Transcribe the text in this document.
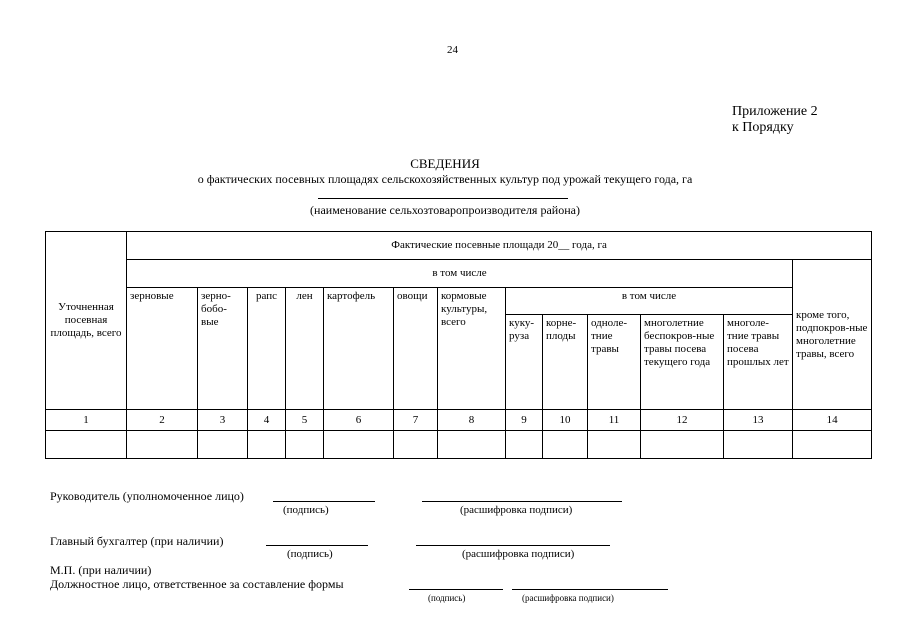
24
Приложение 2
к Порядку
СВЕДЕНИЯ
о фактических посевных площадях сельскохозяйственных культур под урожай текущего года, га
(наименование сельхозтоваропроизводителя района)
Уточненная посевная площадь, всего	Фактические посевные площади 20__ года, га												
	в том числе												кроме того, подпокров-ные многолетние травы, всего
	зерновые	зерно-бобо-вые	рапс	лен	картофель	овощи	кормовые культуры, всего	в том числе					
								куку-руза	корне-плоды	одноле-тние травы	многолетние беспокров-ные травы посева текущего года	многоле-тние травы посева прошлых лет	
1	2	3	4	5	6	7	8	9	10	11	12	13	14

Руководитель (уполномоченное лицо)
(подпись)	(расшифровка подписи)
Главный бухгалтер (при наличии)
(подпись)	(расшифровка подписи)
М.П. (при наличии)
Должностное лицо, ответственное за составление формы
(подпись)	(расшифровка подписи)
